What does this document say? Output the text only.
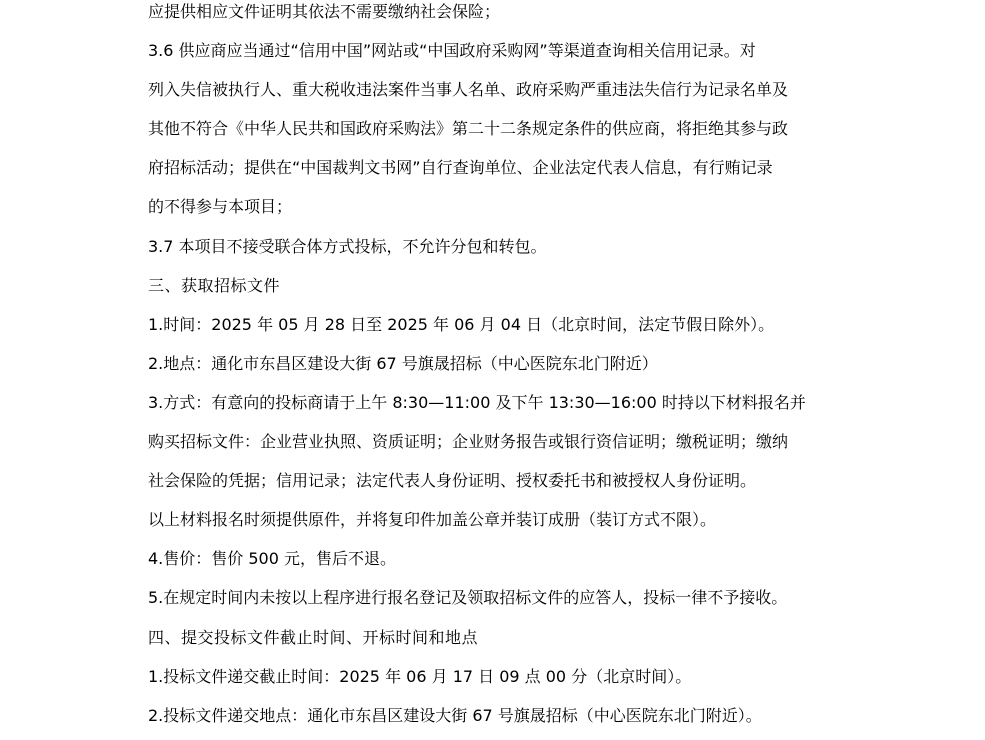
应提供相应文件证明其依法不需要缴纳社会保险；
3.6 供应商应当通过“信用中国”网站或“中国政府采购网”等渠道查询相关信用记录。对
列入失信被执行人、重大税收违法案件当事人名单、政府采购严重违法失信行为记录名单及
其他不符合《中华人民共和国政府采购法》第二十二条规定条件的供应商，将拒绝其参与政
府招标活动；提供在“中国裁判文书网”自行查询单位、企业法定代表人信息，有行贿记录
的不得参与本项目；
3.7 本项目不接受联合体方式投标，不允许分包和转包。
三、获取招标文件
1.时间：2025 年 05 月 28 日至 2025 年 06 月 04 日（北京时间，法定节假日除外）。
2.地点：通化市东昌区建设大街 67 号旗晟招标（中心医院东北门附近）
3.方式：有意向的投标商请于上午 8:30—11:00 及下午 13:30—16:00 时持以下材料报名并
购买招标文件：企业营业执照、资质证明；企业财务报告或银行资信证明；缴税证明；缴纳
社会保险的凭据；信用记录；法定代表人身份证明、授权委托书和被授权人身份证明。
以上材料报名时须提供原件，并将复印件加盖公章并装订成册（装订方式不限）。
4.售价：售价 500 元，售后不退。
5.在规定时间内未按以上程序进行报名登记及领取招标文件的应答人，投标一律不予接收。
四、提交投标文件截止时间、开标时间和地点
1.投标文件递交截止时间：2025 年 06 月 17 日 09 点 00 分（北京时间）。
2.投标文件递交地点：通化市东昌区建设大街 67 号旗晟招标（中心医院东北门附近）。
